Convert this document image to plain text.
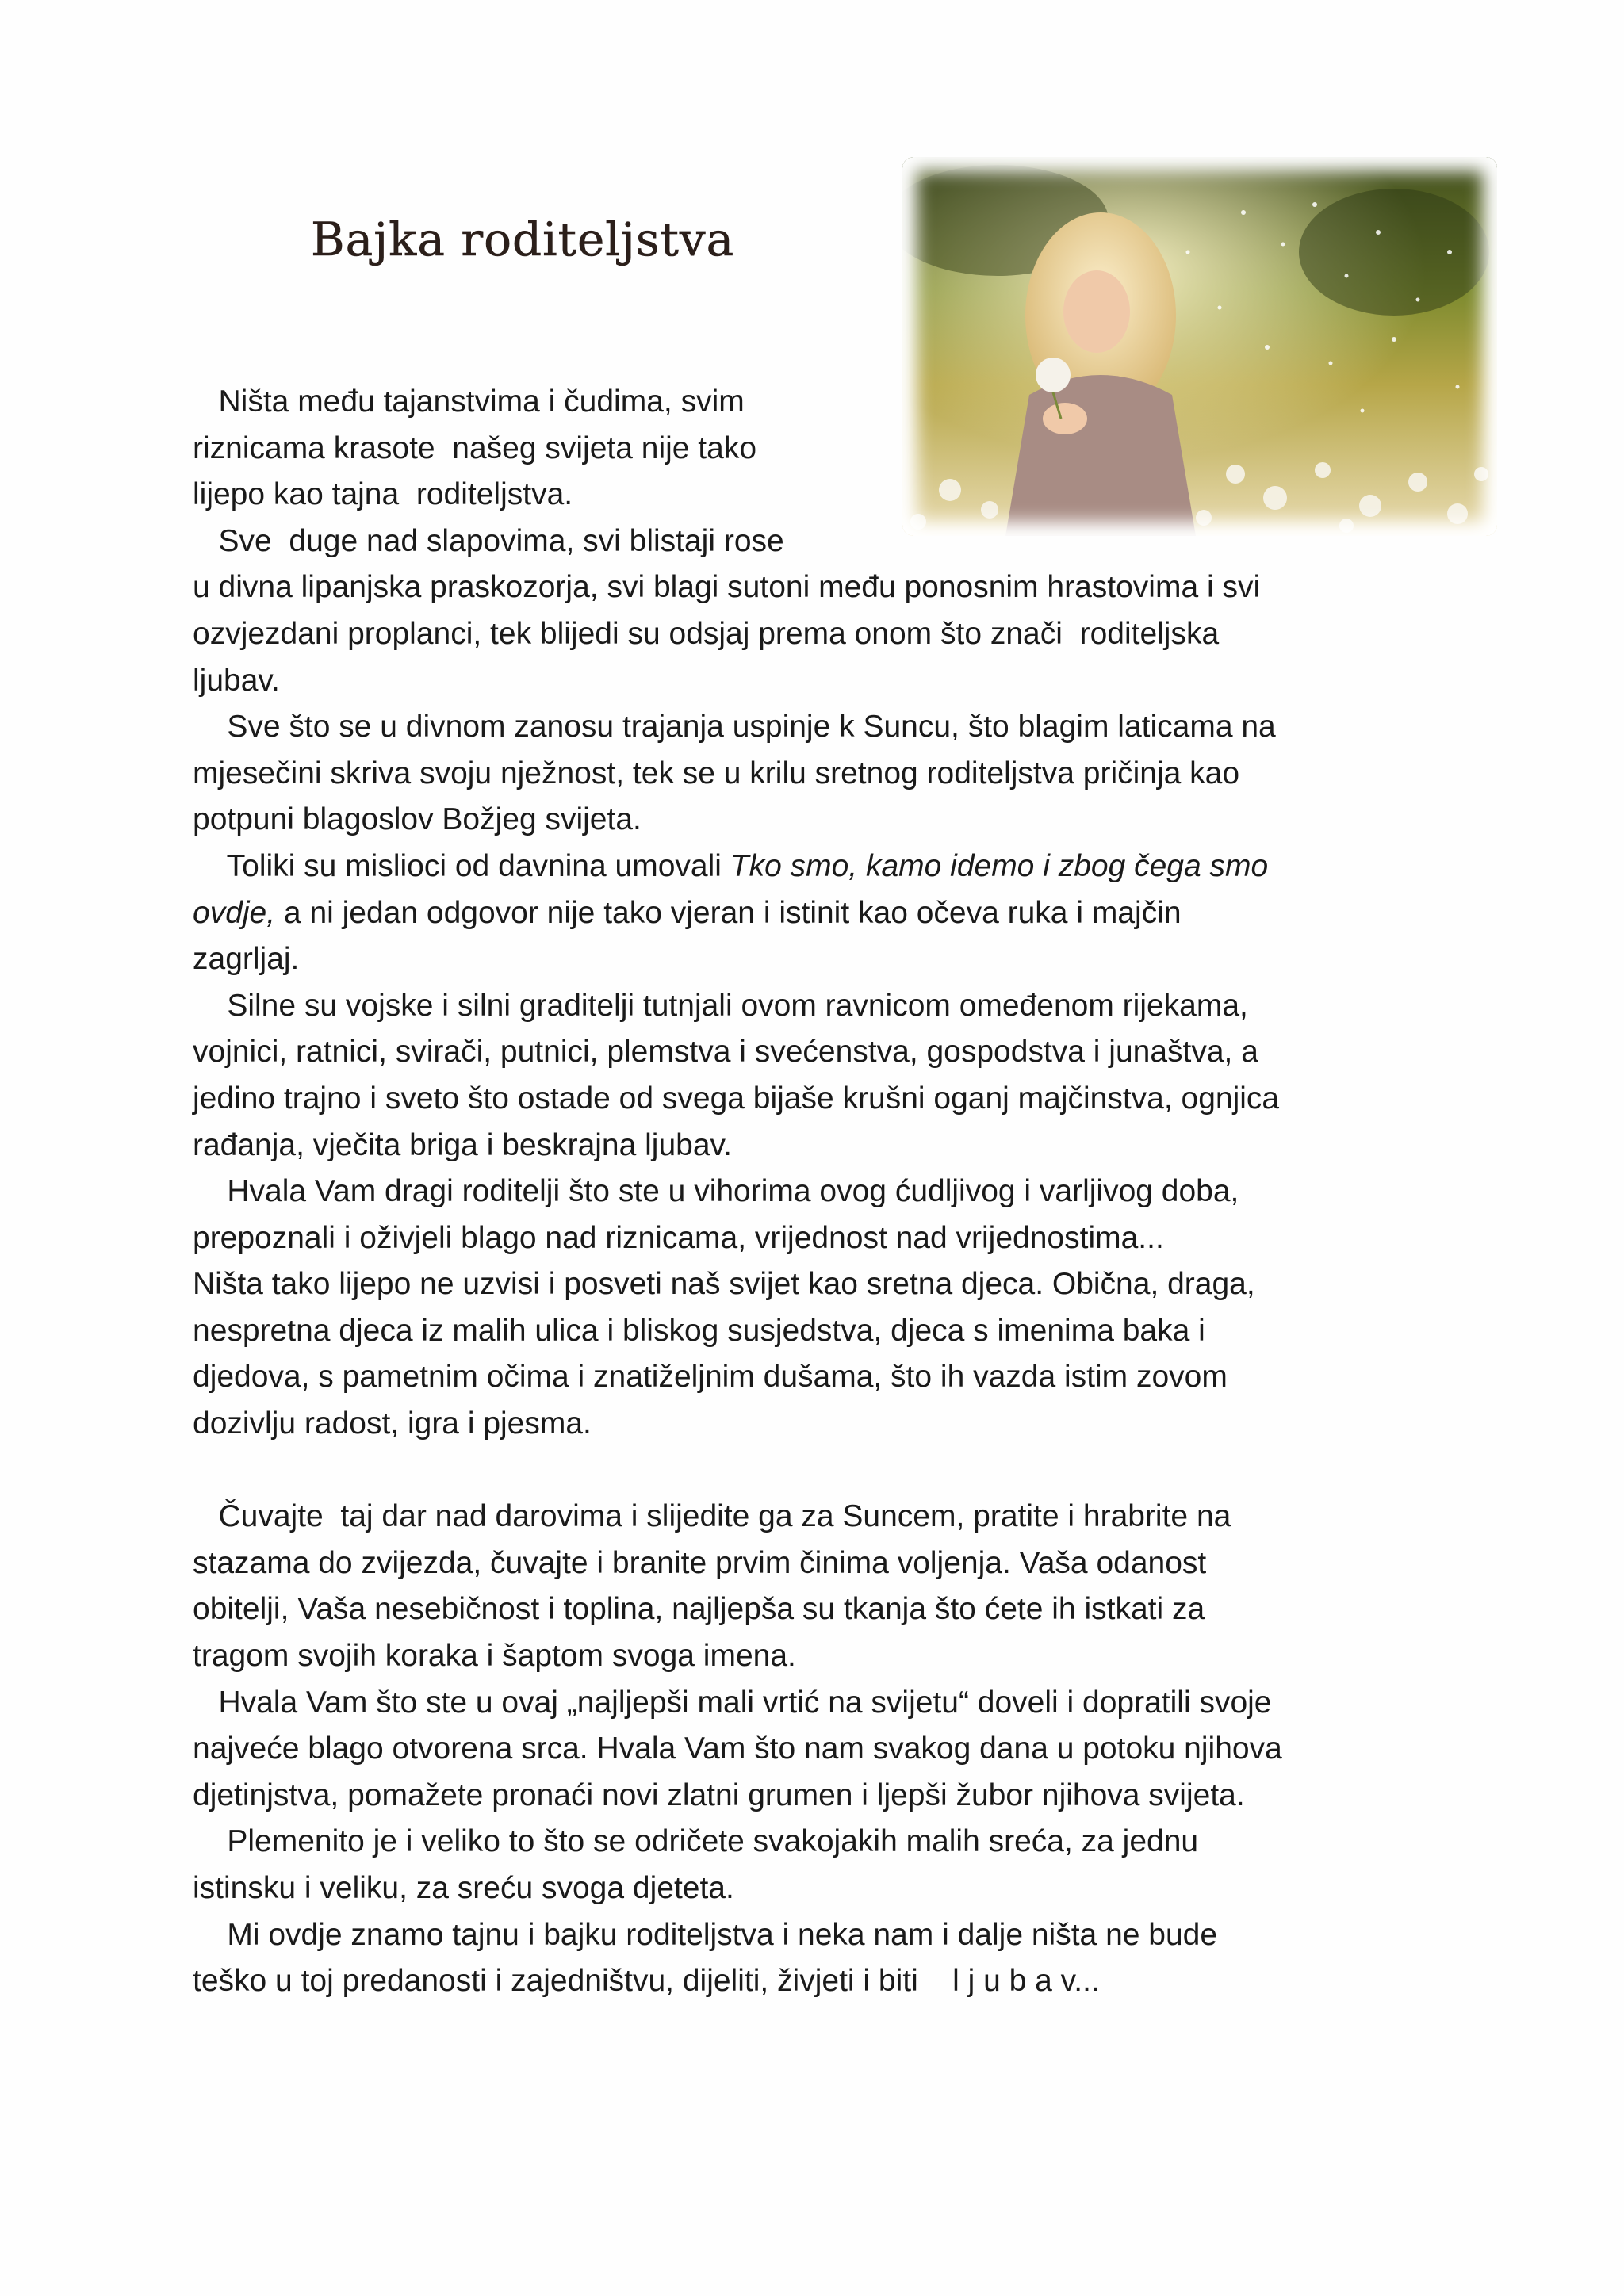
Bajka roditeljstva
Ništa među tajanstvima i čudima, svim
riznicama krasote  našeg svijeta nije tako
lijepo kao tajna  roditeljstva.
Sve  duge nad slapovima, svi blistaji rose
u divna lipanjska praskozorja, svi blagi sutoni među ponosnim hrastovima i svi
ozvjezdani proplanci, tek blijedi su odsjaj prema onom što znači  roditeljska
ljubav.
Sve što se u divnom zanosu trajanja uspinje k Suncu, što blagim laticama na
mjesečini skriva svoju nježnost, tek se u krilu sretnog roditeljstva pričinja kao
potpuni blagoslov Božjeg svijeta.
Toliki su mislioci od davnina umovali Tko smo, kamo idemo i zbog čega smo
ovdje, a ni jedan odgovor nije tako vjeran i istinit kao očeva ruka i majčin
zagrljaj.
Silne su vojske i silni graditelji tutnjali ovom ravnicom omeđenom rijekama,
vojnici, ratnici, svirači, putnici, plemstva i svećenstva, gospodstva i junaštva, a
jedino trajno i sveto što ostade od svega bijaše krušni oganj majčinstva, ognjica
rađanja, vječita briga i beskrajna ljubav.
Hvala Vam dragi roditelji što ste u vihorima ovog ćudljivog i varljivog doba,
prepoznali i oživjeli blago nad riznicama, vrijednost nad vrijednostima...
Ništa tako lijepo ne uzvisi i posveti naš svijet kao sretna djeca. Obična, draga,
nespretna djeca iz malih ulica i bliskog susjedstva, djeca s imenima baka i
djedova, s pametnim očima i znatiželjnim dušama, što ih vazda istim zovom
dozivlju radost, igra i pjesma.
Čuvajte  taj dar nad darovima i slijedite ga za Suncem, pratite i hrabrite na
stazama do zvijezda, čuvajte i branite prvim činima voljenja. Vaša odanost
obitelji, Vaša nesebičnost i toplina, najljepša su tkanja što ćete ih istkati za
tragom svojih koraka i šaptom svoga imena.
Hvala Vam što ste u ovaj „najljepši mali vrtić na svijetu“ doveli i dopratili svoje
najveće blago otvorena srca. Hvala Vam što nam svakog dana u potoku njihova
djetinjstva, pomažete pronaći novi zlatni grumen i ljepši žubor njihova svijeta.
Plemenito je i veliko to što se odričete svakojakih malih sreća, za jednu
istinsku i veliku, za sreću svoga djeteta.
Mi ovdje znamo tajnu i bajku roditeljstva i neka nam i dalje ništa ne bude
teško u toj predanosti i zajedništvu, dijeliti, živjeti i biti    l j u b a v...
